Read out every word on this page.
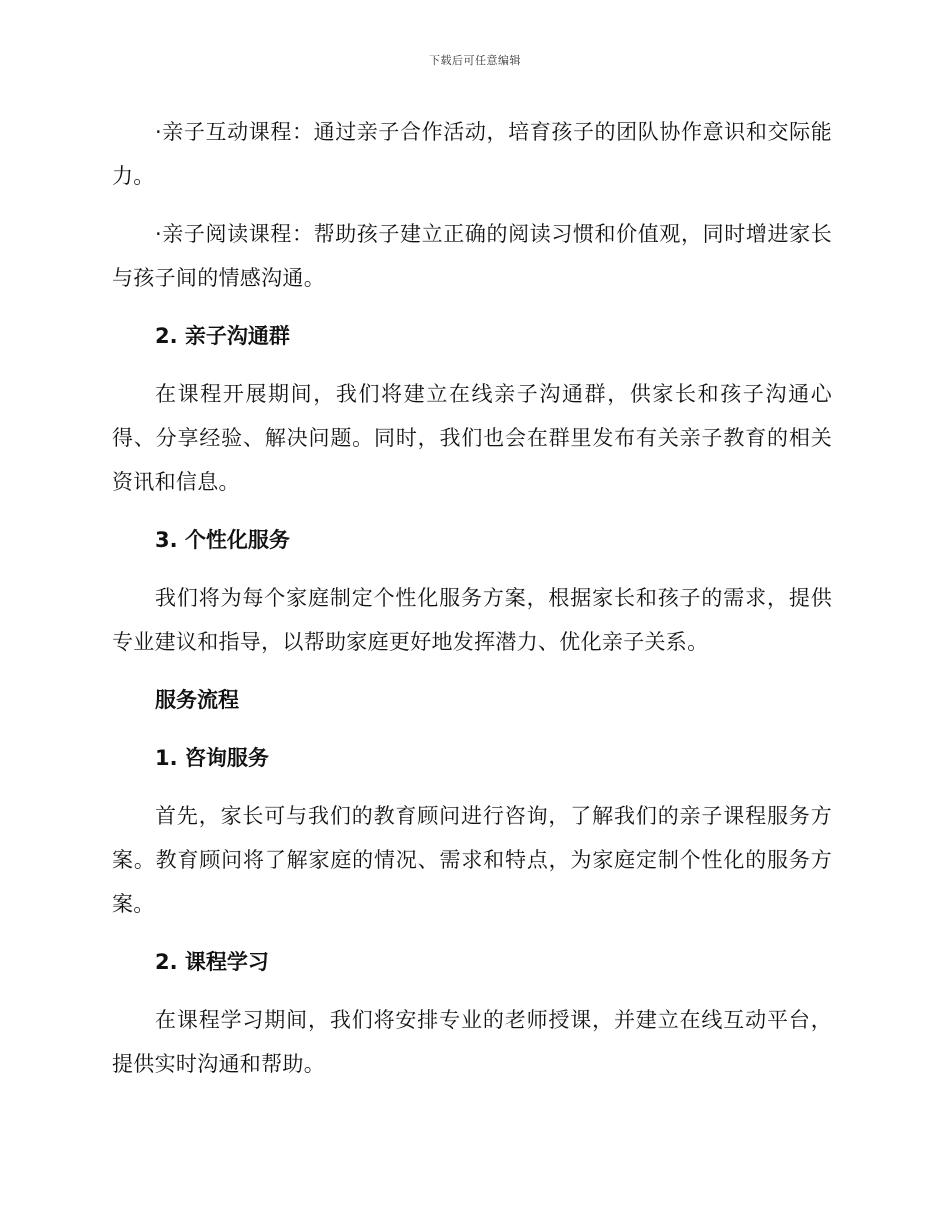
下载后可任意编辑

·亲子互动课程：通过亲子合作活动，培育孩子的团队协作意识和交际能力。

·亲子阅读课程：帮助孩子建立正确的阅读习惯和价值观，同时增进家长与孩子间的情感沟通。

2. 亲子沟通群

在课程开展期间，我们将建立在线亲子沟通群，供家长和孩子沟通心得、分享经验、解决问题。同时，我们也会在群里发布有关亲子教育的相关资讯和信息。

3. 个性化服务

我们将为每个家庭制定个性化服务方案，根据家长和孩子的需求，提供专业建议和指导，以帮助家庭更好地发挥潜力、优化亲子关系。

服务流程

1. 咨询服务

首先，家长可与我们的教育顾问进行咨询，了解我们的亲子课程服务方案。教育顾问将了解家庭的情况、需求和特点，为家庭定制个性化的服务方案。

2. 课程学习

在课程学习期间，我们将安排专业的老师授课，并建立在线互动平台，提供实时沟通和帮助。
